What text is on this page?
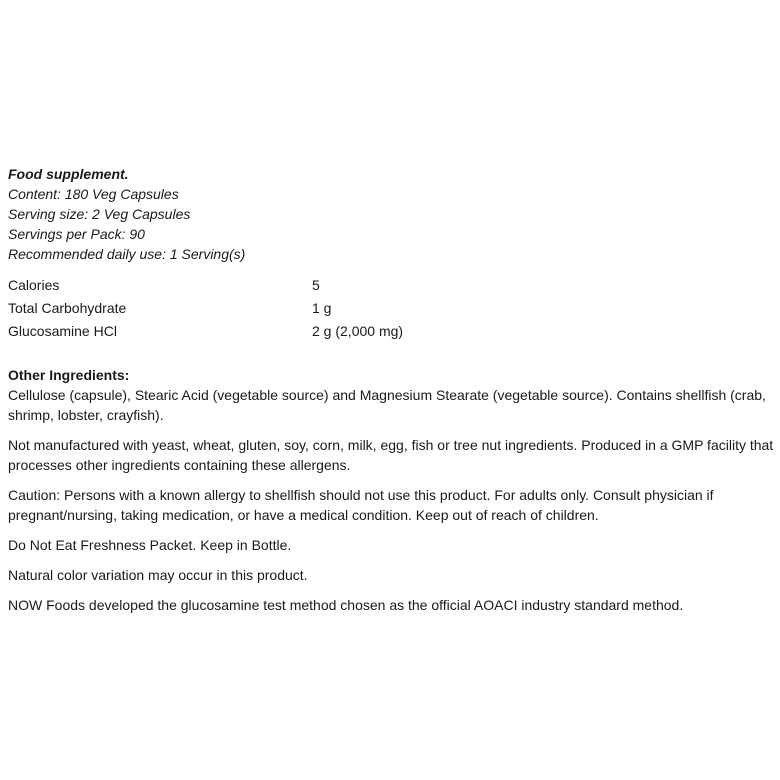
Food supplement.
Content: 180 Veg Capsules
Serving size: 2 Veg Capsules
Servings per Pack: 90
Recommended daily use: 1 Serving(s)
Calories	5
Total Carbohydrate	1 g
Glucosamine HCl	2 g (2,000 mg)
Other Ingredients:
Cellulose (capsule), Stearic Acid (vegetable source) and Magnesium Stearate (vegetable source). Contains shellfish (crab, shrimp, lobster, crayfish).
Not manufactured with yeast, wheat, gluten, soy, corn, milk, egg, fish or tree nut ingredients. Produced in a GMP facility that processes other ingredients containing these allergens.
Caution: Persons with a known allergy to shellfish should not use this product. For adults only. Consult physician if pregnant/nursing, taking medication, or have a medical condition. Keep out of reach of children.
Do Not Eat Freshness Packet. Keep in Bottle.
Natural color variation may occur in this product.
NOW Foods developed the glucosamine test method chosen as the official AOACI industry standard method.
